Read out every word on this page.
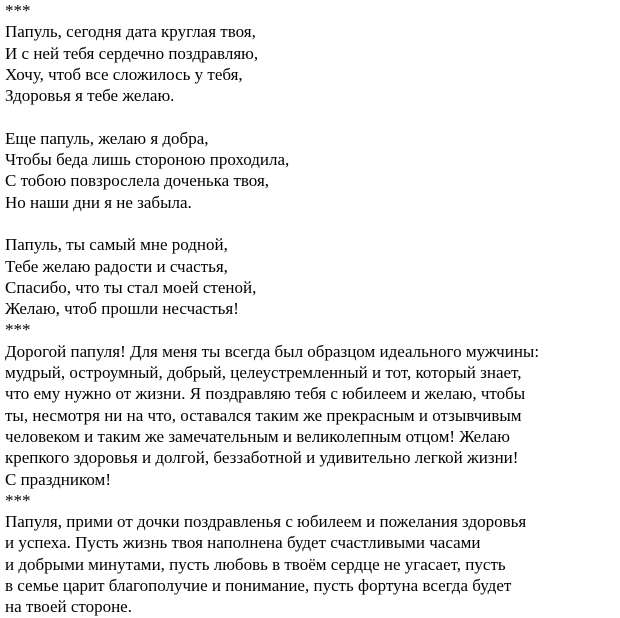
***
Папуль, сегодня дата круглая твоя,
И с ней тебя сердечно поздравляю,
Хочу, чтоб все сложилось у тебя,
Здоровья я тебе желаю.
Еще папуль, желаю я добра,
Чтобы беда лишь стороною проходила,
С тобою повзрослела доченька твоя,
Но наши дни я не забыла.
Папуль, ты самый мне родной,
Тебе желаю радости и счастья,
Спасибо, что ты стал моей стеной,
Желаю, чтоб прошли несчастья!
***
Дорогой папуля! Для меня ты всегда был образцом идеального мужчины:
мудрый, остроумный, добрый, целеустремленный и тот, который знает,
что ему нужно от жизни. Я поздравляю тебя с юбилеем и желаю, чтобы
ты, несмотря ни на что, оставался таким же прекрасным и отзывчивым
человеком и таким же замечательным и великолепным отцом! Желаю
крепкого здоровья и долгой, беззаботной и удивительно легкой жизни!
С праздником!
***
Папуля, прими от дочки поздравленья с юбилеем и пожелания здоровья
и успеха. Пусть жизнь твоя наполнена будет счастливыми часами
и добрыми минутами, пусть любовь в твоём сердце не угасает, пусть
в семье царит благополучие и понимание, пусть фортуна всегда будет
на твоей стороне.
